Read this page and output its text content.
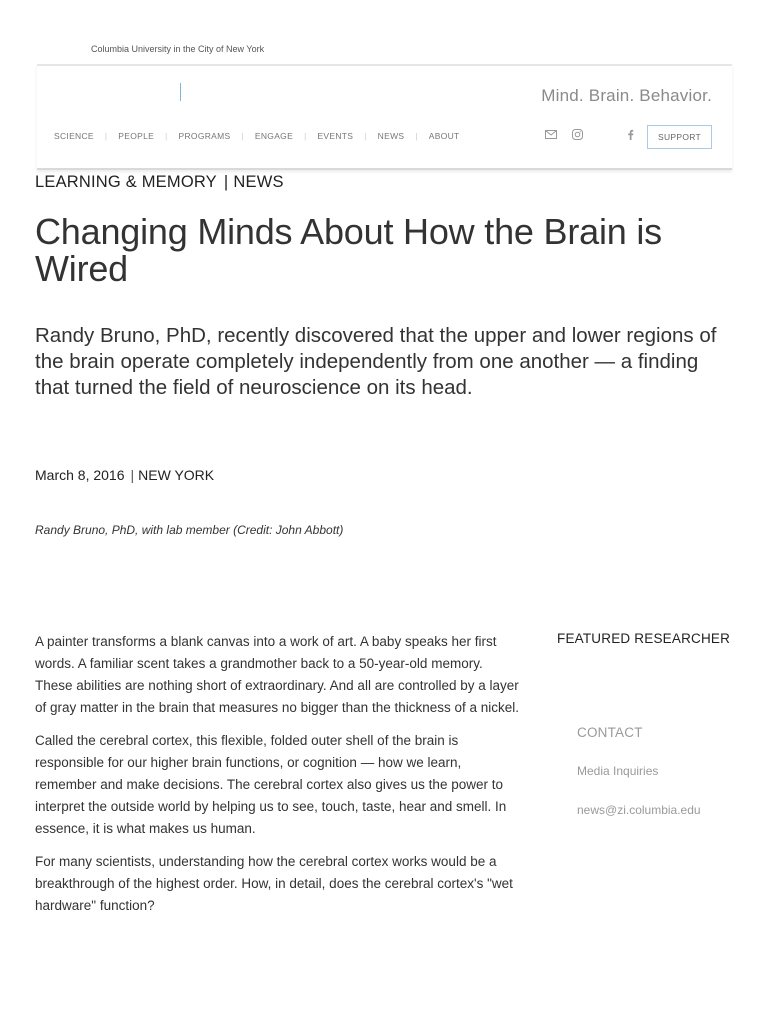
Columbia University in the City of New York
Mind. Brain. Behavior.
SCIENCE | PEOPLE | PROGRAMS | ENGAGE | EVENTS | NEWS | ABOUT	SUPPORT
LEARNING & MEMORY | NEWS
Changing Minds About How the Brain is Wired
Randy Bruno, PhD, recently discovered that the upper and lower regions of the brain operate completely independently from one another — a finding that turned the field of neuroscience on its head.
March 8, 2016 | NEW YORK
Randy Bruno, PhD, with lab member (Credit: John Abbott)

A painter transforms a blank canvas into a work of art. A baby speaks her first words. A familiar scent takes a grandmother back to a 50-year-old memory. These abilities are nothing short of extraordinary. And all are controlled by a layer of gray matter in the brain that measures no bigger than the thickness of a nickel.

Called the cerebral cortex, this flexible, folded outer shell of the brain is responsible for our higher brain functions, or cognition — how we learn, remember and make decisions. The cerebral cortex also gives us the power to interpret the outside world by helping us to see, touch, taste, hear and smell. In essence, it is what makes us human.

For many scientists, understanding how the cerebral cortex works would be a breakthrough of the highest order. How, in detail, does the cerebral cortex's "wet hardware" function?

FEATURED RESEARCHER
CONTACT
Media Inquiries
news@zi.columbia.edu
